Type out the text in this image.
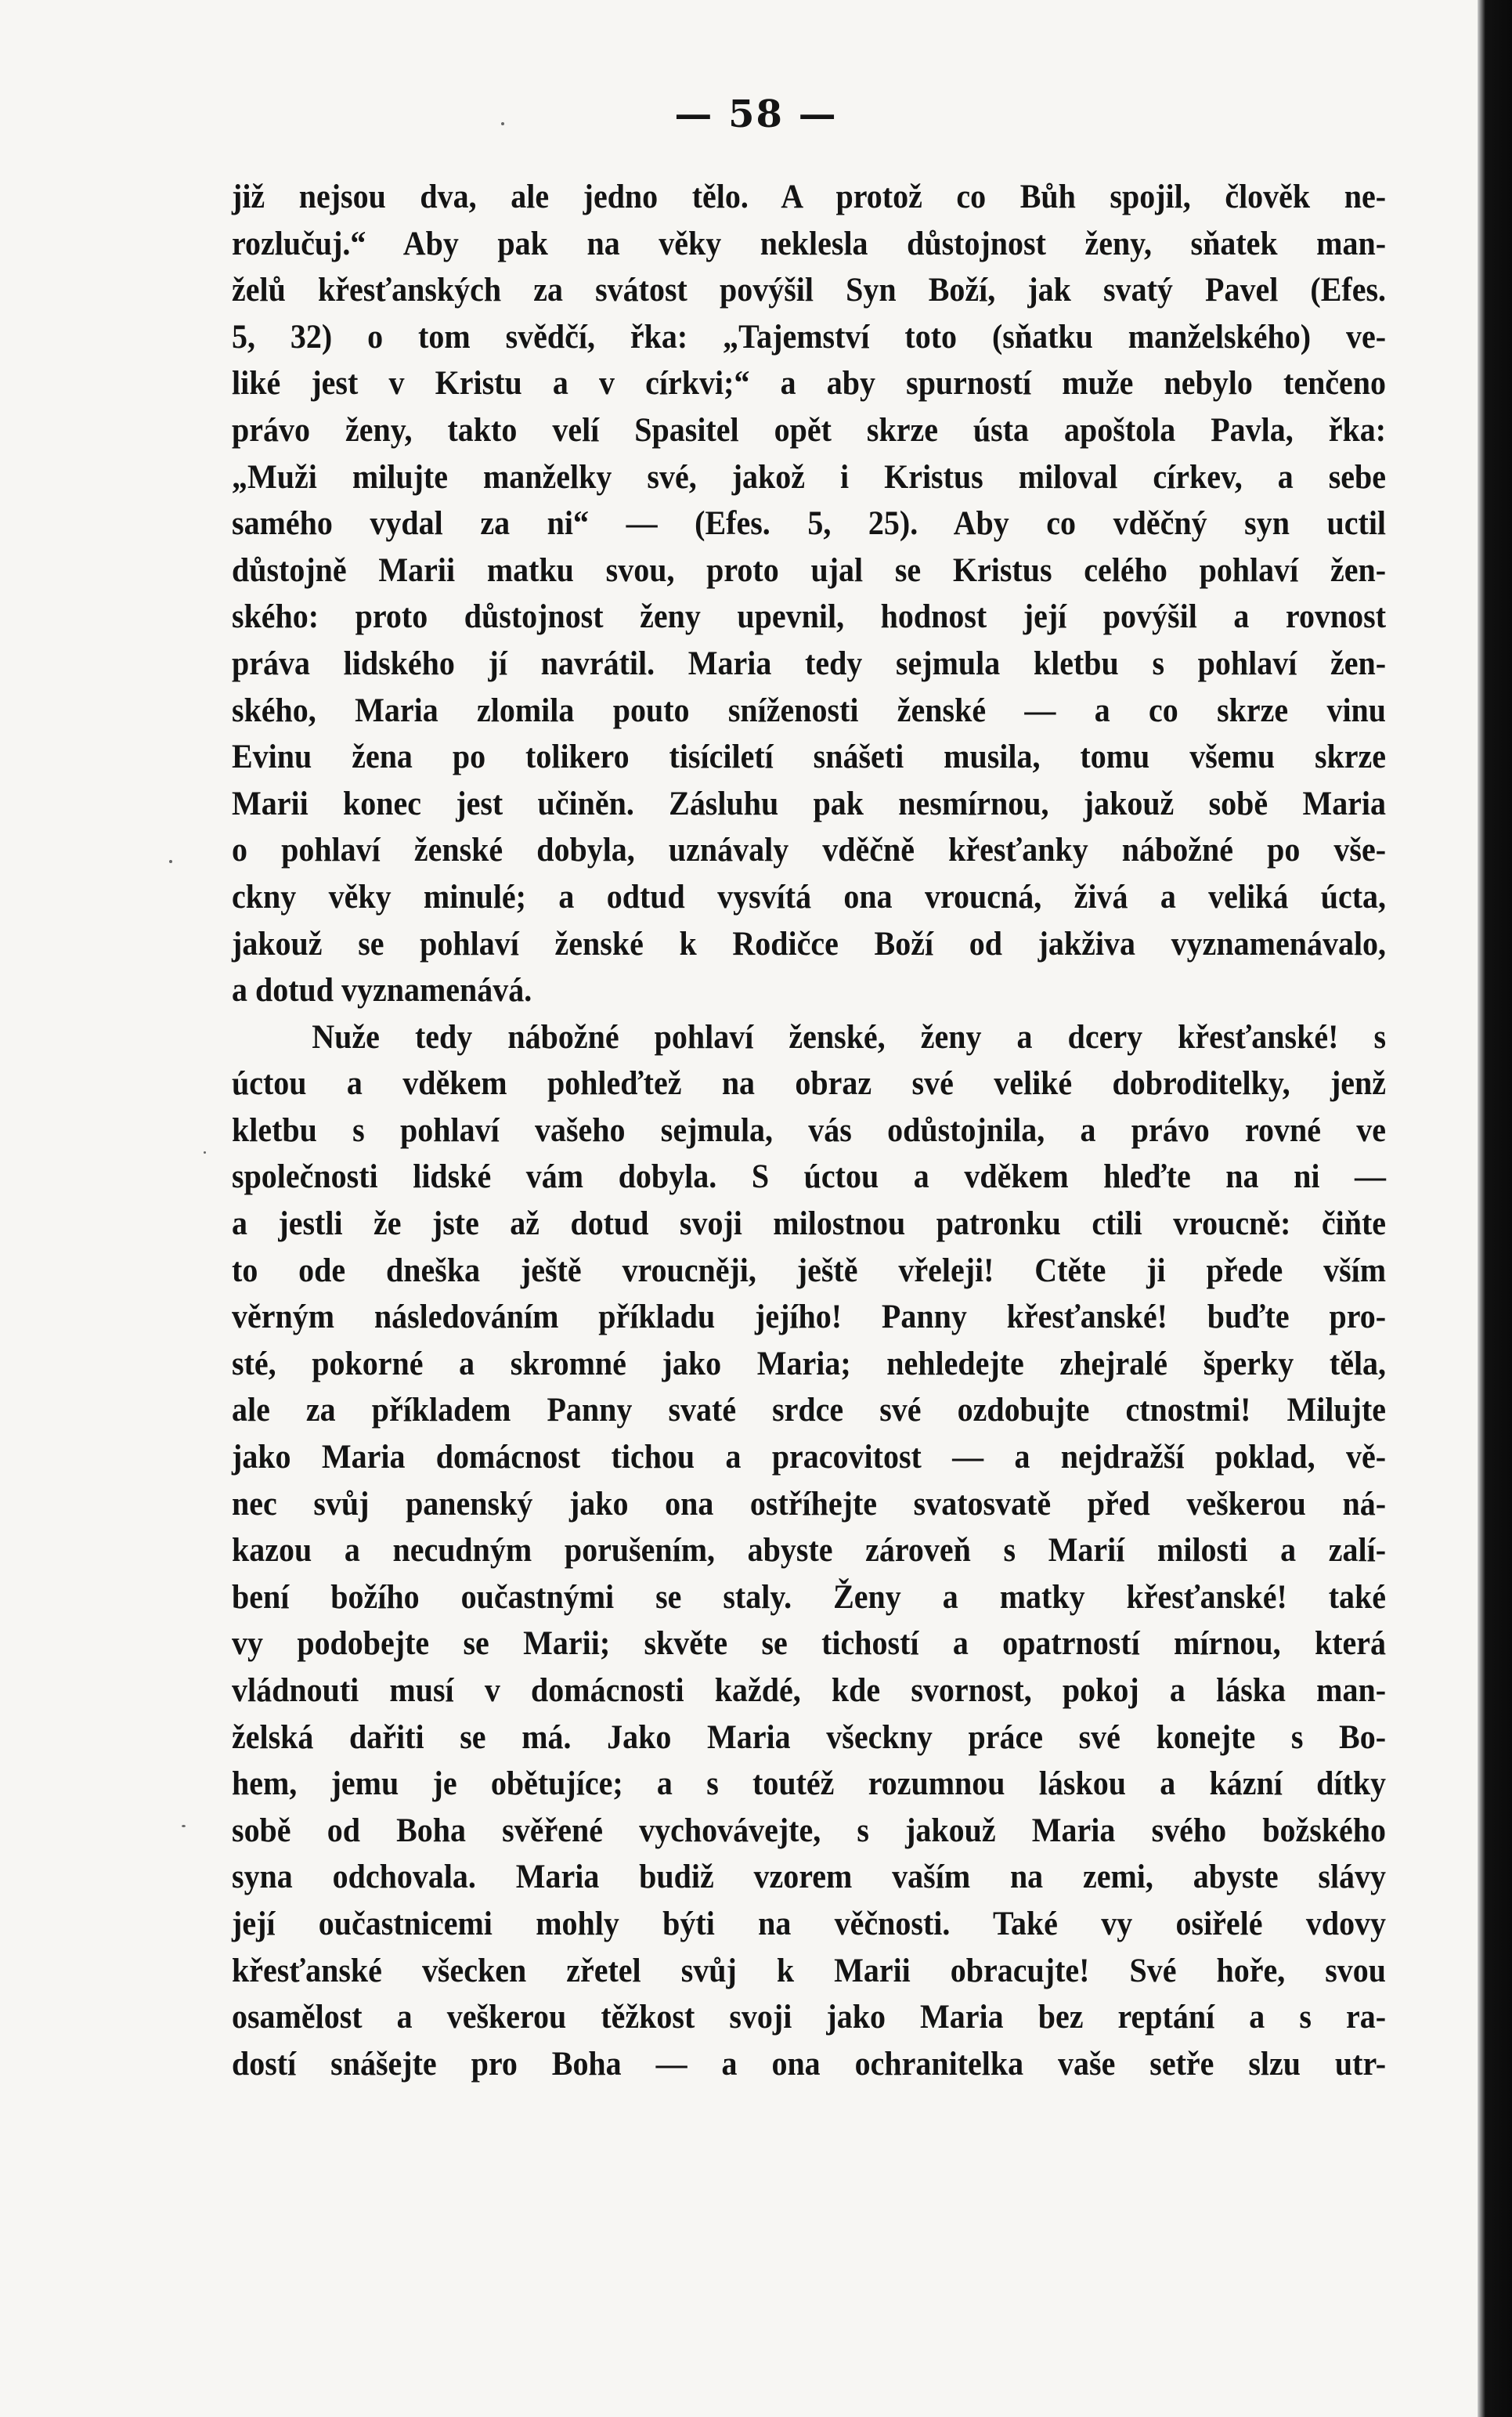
— 58 —
již nejsou dva, ale jedno tělo. A protož co Bůh spojil, člověk ne-
rozlučuj.“ Aby pak na věky neklesla důstojnost ženy, sňatek man-
želů křesťanských za svátost povýšil Syn Boží, jak svatý Pavel (Efes.
5, 32) o tom svědčí, řka: „Tajemství toto (sňatku manželského) ve-
liké jest v Kristu a v církvi;“ a aby spurností muže nebylo tenčeno
právo ženy, takto velí Spasitel opět skrze ústa apoštola Pavla, řka:
„Muži milujte manželky své, jakož i Kristus miloval církev, a sebe
samého vydal za ni“ — (Efes. 5, 25). Aby co vděčný syn uctil
důstojně Marii matku svou, proto ujal se Kristus celého pohlaví žen-
ského: proto důstojnost ženy upevnil, hodnost její povýšil a rovnost
práva lidského jí navrátil. Maria tedy sejmula kletbu s pohlaví žen-
ského, Maria zlomila pouto sníženosti ženské — a co skrze vinu
Evinu žena po tolikero tisíciletí snášeti musila, tomu všemu skrze
Marii konec jest učiněn. Zásluhu pak nesmírnou, jakouž sobě Maria
o pohlaví ženské dobyla, uznávaly vděčně křesťanky nábožné po vše-
ckny věky minulé; a odtud vysvítá ona vroucná, živá a veliká úcta,
jakouž se pohlaví ženské k Rodičce Boží od jakživa vyznamenávalo,
a dotud vyznamenává.
Nuže tedy nábožné pohlaví ženské, ženy a dcery křesťanské! s
úctou a vděkem pohleďtež na obraz své veliké dobroditelky, jenž
kletbu s pohlaví vašeho sejmula, vás odůstojnila, a právo rovné ve
společnosti lidské vám dobyla. S úctou a vděkem hleďte na ni —
a jestli že jste až dotud svoji milostnou patronku ctili vroucně: čiňte
to ode dneška ještě vroucněji, ještě vřeleji! Ctěte ji přede vším
věrným následováním příkladu jejího! Panny křesťanské! buďte pro-
sté, pokorné a skromné jako Maria; nehledejte zhejralé šperky těla,
ale za příkladem Panny svaté srdce své ozdobujte ctnostmi! Milujte
jako Maria domácnost tichou a pracovitost — a nejdražší poklad, vě-
nec svůj panenský jako ona ostříhejte svatosvatě před veškerou ná-
kazou a necudným porušením, abyste zároveň s Marií milosti a zalí-
bení božího oučastnými se staly. Ženy a matky křesťanské! také
vy podobejte se Marii; skvěte se tichostí a opatrností mírnou, která
vládnouti musí v domácnosti každé, kde svornost, pokoj a láska man-
želská dařiti se má. Jako Maria všeckny práce své konejte s Bo-
hem, jemu je obětujíce; a s toutéž rozumnou láskou a kázní dítky
sobě od Boha svěřené vychovávejte, s jakouž Maria svého božského
syna odchovala. Maria budiž vzorem vaším na zemi, abyste slávy
její oučastnicemi mohly býti na věčnosti. Také vy osiřelé vdovy
křesťanské všecken zřetel svůj k Marii obracujte! Své hoře, svou
osamělost a veškerou těžkost svoji jako Maria bez reptání a s ra-
dostí snášejte pro Boha — a ona ochranitelka vaše setře slzu utr-
